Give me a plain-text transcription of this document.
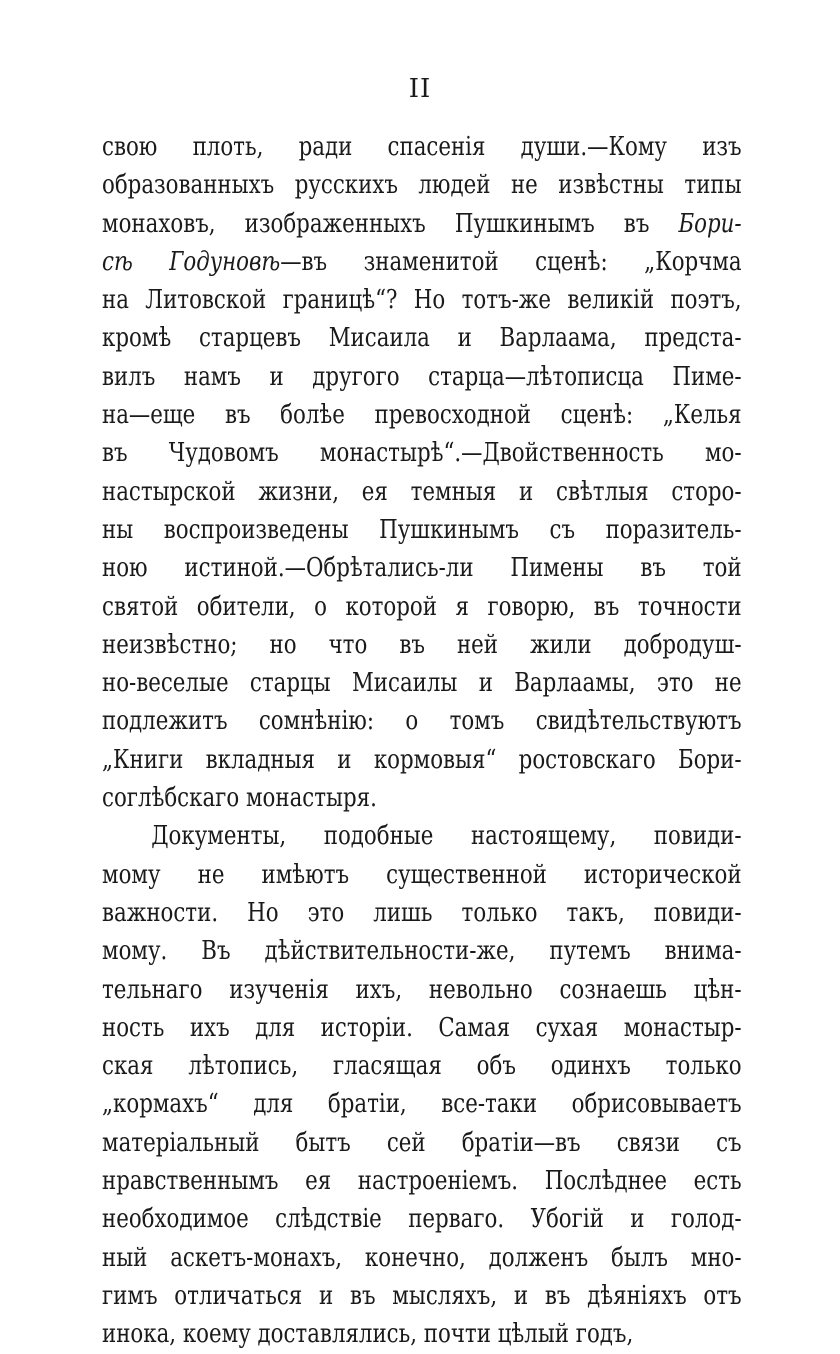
II
свою плоть, ради спасенія души.—Кому изъ
образованныхъ русскихъ людей не извѣстны типы
монаховъ, изображенныхъ Пушкинымъ въ Бори-
сѣ Годуновѣ—въ знаменитой сценѣ: „Корчма
на Литовской границѣ“? Но тотъ-же великій поэтъ,
кромѣ старцевъ Мисаила и Варлаама, предста-
вилъ намъ и другого старца—лѣтописца Пиме-
на—еще въ болѣе превосходной сценѣ: „Келья
въ Чудовомъ монастырѣ“.—Двойственность мо-
настырской жизни, ея темныя и свѣтлыя сторо-
ны воспроизведены Пушкинымъ съ поразитель-
ною истиной.—Обрѣтались-ли Пимены въ той
святой обители, о которой я говорю, въ точности
неизвѣстно; но что въ ней жили добродуш-
но-веселые старцы Мисаилы и Варлаамы, это не
подлежитъ сомнѣнію: о томъ свидѣтельствуютъ
„Книги вкладныя и кормовыя“ ростовскаго Бори-
соглѣбскаго монастыря.
Документы, подобные настоящему, повиди-
мому не имѣютъ существенной исторической
важности. Но это лишь только такъ, повиди-
мому. Въ дѣйствительности-же, путемъ внима-
тельнаго изученія ихъ, невольно сознаешь цѣн-
ность ихъ для исторіи. Самая сухая монастыр-
ская лѣтопись, гласящая объ одинхъ только
„кормахъ“ для братіи, все-таки обрисовываетъ
матеріальный бытъ сей братіи—въ связи съ
нравственнымъ ея настроеніемъ. Послѣднее есть
необходимое слѣдствіе перваго. Убогій и голод-
ный аскетъ-монахъ, конечно, долженъ былъ мно-
гимъ отличаться и въ мысляхъ, и въ дѣяніяхъ отъ
инока, коему доставлялись, почти цѣлый годъ,
